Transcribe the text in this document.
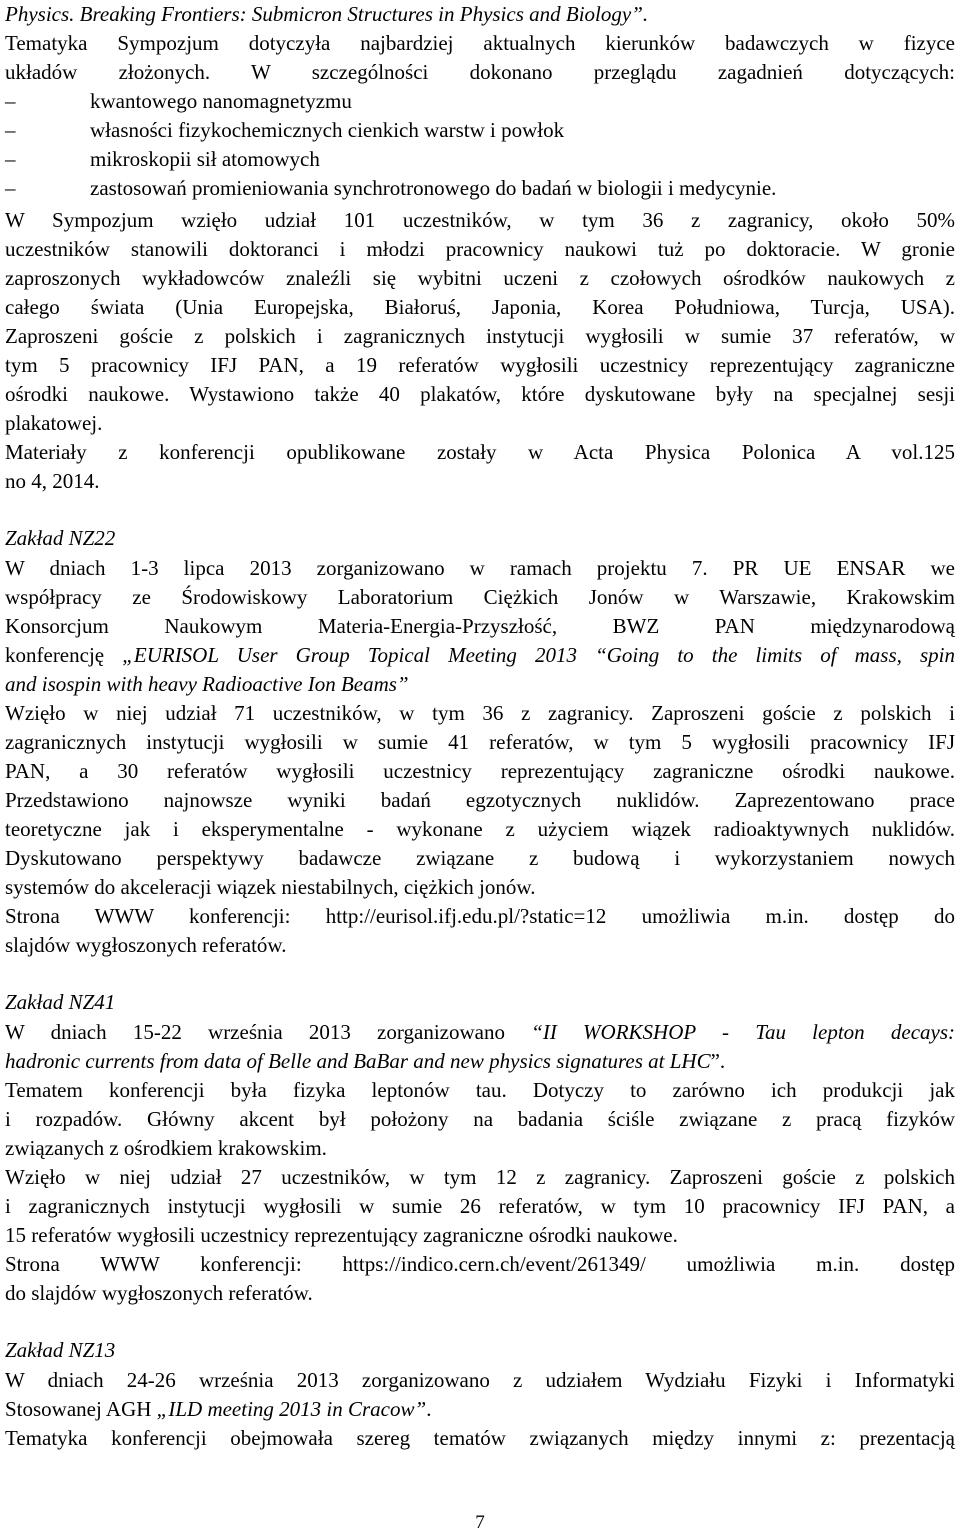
Physics. Breaking Frontiers: Submicron Structures in Physics and Biology”.
Tematyka Sympozjum dotyczyła najbardziej aktualnych kierunków badawczych w fizyce
układów złożonych. W szczególności dokonano przeglądu zagadnień dotyczących:
–	kwantowego nanomagnetyzmu
–	własności fizykochemicznych cienkich warstw i powłok
–	mikroskopii sił atomowych
–	zastosowań promieniowania synchrotronowego do badań w biologii i medycynie.
W Sympozjum wzięło udział 101 uczestników, w tym 36 z zagranicy, około 50%
uczestników stanowili doktoranci i młodzi pracownicy naukowi tuż po doktoracie. W gronie
zaproszonych wykładowców znaleźli się wybitni uczeni z czołowych ośrodków naukowych z
całego świata (Unia Europejska, Białoruś, Japonia, Korea Południowa, Turcja, USA).
Zaproszeni goście z polskich i zagranicznych instytucji wygłosili w sumie 37 referatów, w
tym 5 pracownicy IFJ PAN, a 19 referatów wygłosili uczestnicy reprezentujący zagraniczne
ośrodki naukowe. Wystawiono także 40 plakatów, które dyskutowane były na specjalnej sesji
plakatowej.
Materiały z konferencji opublikowane zostały w Acta Physica Polonica A vol.125
no 4, 2014.
Zakład NZ22
W dniach 1-3 lipca 2013 zorganizowano w ramach projektu 7. PR UE ENSAR we
współpracy ze Środowiskowy Laboratorium Ciężkich Jonów w Warszawie, Krakowskim
Konsorcjum Naukowym Materia-Energia-Przyszłość, BWZ PAN międzynarodową
konferencję „EURISOL User Group Topical Meeting 2013 “Going to the limits of mass, spin
and isospin with heavy Radioactive Ion Beams”
Wzięło w niej udział 71 uczestników, w tym 36 z zagranicy. Zaproszeni goście z polskich i
zagranicznych instytucji wygłosili w sumie 41 referatów, w tym 5 wygłosili pracownicy IFJ
PAN, a 30 referatów wygłosili uczestnicy reprezentujący zagraniczne ośrodki naukowe.
Przedstawiono najnowsze wyniki badań egzotycznych nuklidów. Zaprezentowano prace
teoretyczne jak i eksperymentalne - wykonane z użyciem wiązek radioaktywnych nuklidów.
Dyskutowano perspektywy badawcze związane z budową i wykorzystaniem nowych
systemów do akceleracji wiązek niestabilnych, ciężkich jonów.
Strona WWW konferencji: http://eurisol.ifj.edu.pl/?static=12 umożliwia m.in. dostęp do
slajdów wygłoszonych referatów.
Zakład NZ41
W dniach 15-22 września 2013 zorganizowano “II WORKSHOP - Tau lepton decays:
hadronic currents from data of Belle and BaBar and new physics signatures at LHC”.
Tematem konferencji była fizyka leptonów tau. Dotyczy to zarówno ich produkcji jak
i rozpadów. Główny akcent był położony na badania ściśle związane z pracą fizyków
związanych z ośrodkiem krakowskim.
Wzięło w niej udział 27 uczestników, w tym 12 z zagranicy. Zaproszeni goście z polskich
i zagranicznych instytucji wygłosili w sumie 26 referatów, w tym 10 pracownicy IFJ PAN, a
15 referatów wygłosili uczestnicy reprezentujący zagraniczne ośrodki naukowe.
Strona WWW konferencji: https://indico.cern.ch/event/261349/ umożliwia m.in. dostęp
do slajdów wygłoszonych referatów.
Zakład NZ13
W dniach 24-26 września 2013 zorganizowano z udziałem Wydziału Fizyki i Informatyki
Stosowanej AGH „ILD meeting 2013 in Cracow”.
Tematyka konferencji obejmowała szereg tematów związanych między innymi z: prezentacją
7
